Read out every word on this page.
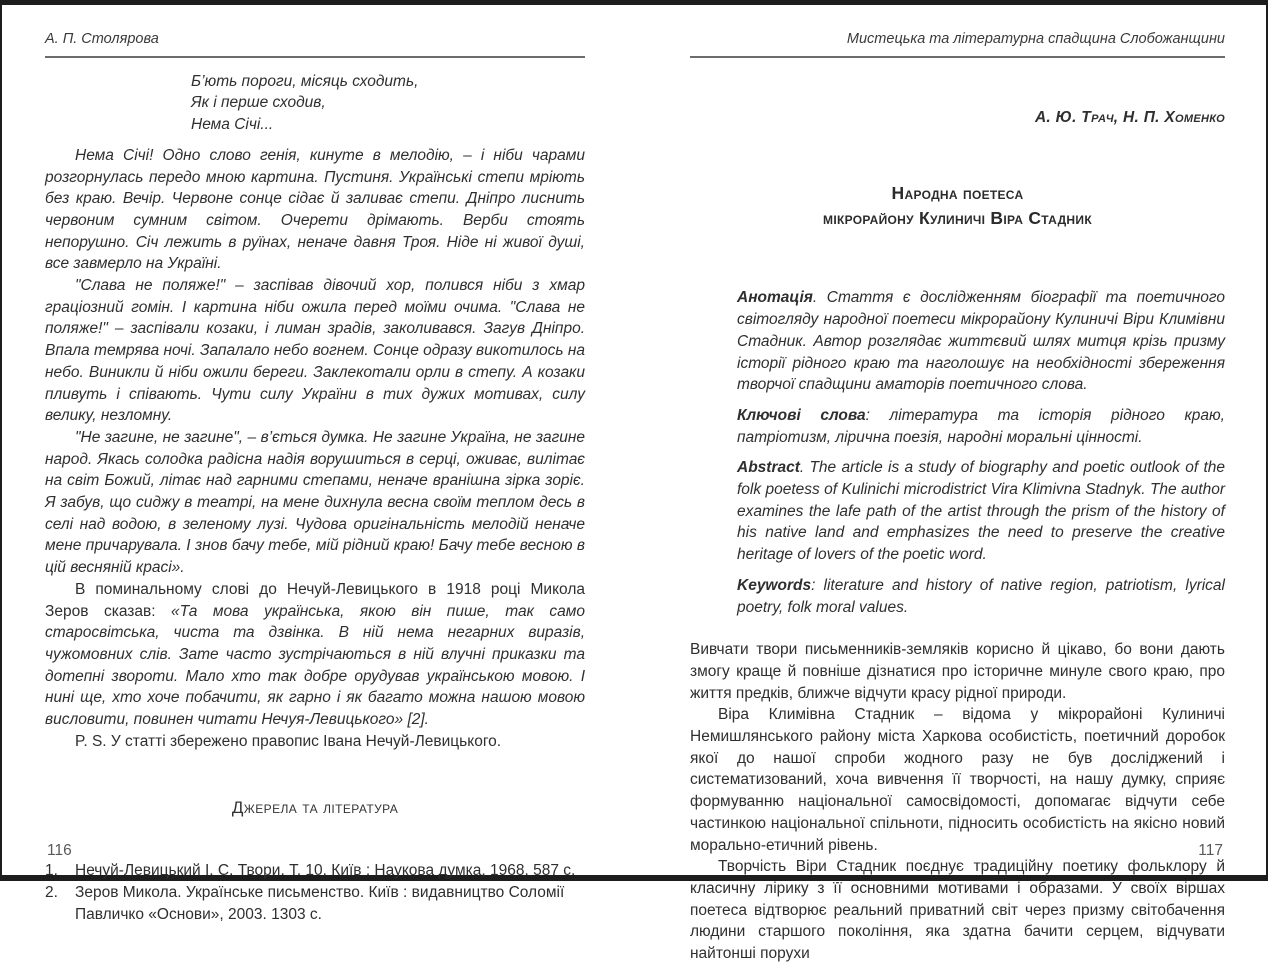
А. П. Столярова
Б’ють пороги, місяць сходить,
Як і перше сходив,
Нема Січі...

Нема Січі! Одно слово генія, кинуте в мелодію, – і ніби чарами розгорнулась передо мною картина. Пустиня. Українські степи мріють без краю. Вечір. Червоне сонце сідає й заливає степи. Дніпро лиснить червоним сумним світом. Очерети дрімають. Верби стоять непорушно. Січ лежить в руїнах, неначе давня Троя. Ніде ні живої душі, все завмерло на Україні.

"Слава не поляже!" – заспівав дівочий хор, полився ніби з хмар граціозний гомін. І картина ніби ожила перед моїми очима. "Слава не поляже!" – заспівали козаки, і лиман зрадів, заколивався. Загув Дніпро. Впала темрява ночі. Запалало небо вогнем. Сонце одразу викотилось на небо. Виникли й ніби ожили береги. Заклекотали орли в степу. А козаки пливуть і співають. Чути силу України в тих дужих мотивах, силу велику, незломну.

"Не загине, не загине", – в’ється думка. Не загине Україна, не загине народ. Якась солодка радісна надія ворушиться в серці, оживає, вилітає на світ Божий, літає над гарними степами, неначе вранішна зірка зоріє. Я забув, що сиджу в театрі, на мене дихнула весна своїм теплом десь в селі над водою, в зеленому лузі. Чудова оригінальність мелодій неначе мене причарувала. І знов бачу тебе, мій рідний краю! Бачу тебе весною в цій весняній красі».

В поминальному слові до Нечуй-Левицького в 1918 році Микола Зеров сказав: «Та мова українська, якою він пише, так само старосвітська, чиста та дзвінка. В ній нема негарних виразів, чужомовних слів. Зате часто зустрічаються в ній влучні приказки та дотепні звороти. Мало хто так добре орудував українською мовою. І нині ще, хто хоче побачити, як гарно і як багато можна нашою мовою висловити, повинен читати Нечуя-Левицького» [2].

P. S. У статті збережено правопис Івана Нечуй-Левицького.

Джерела та література
1.	Нечуй-Левицький І. С. Твори. Т. 10. Київ : Наукова думка, 1968. 587 с.
2.	Зеров Микола. Українське письменство. Київ : видавництво Соломії Павличко «Основи», 2003. 1303 с.
Мистецька та літературна спадщина Слобожанщини
А. Ю. Трач, Н. П. Хоменко
Народна поетеса
мікрорайону Кулиничі Віра Стадник

Анотація. Стаття є дослідженням біографії та поетичного світогляду народної поетеси мікрорайону Кулиничі Віри Климівни Стадник. Автор розглядає життєвий шлях митця крізь призму історії рідного краю та наголошує на необхідності збереження творчої спадщини аматорів поетичного слова.

Ключові слова: література та історія рідного краю, патріотизм, лірична поезія, народні моральні цінності.

Abstract. The article is a study of biography and poetic outlook of the folk poetess of Kulinichi microdistrict Vira Klimivna Stadnyk. The author examines the lafe path of the artist through the prism of the history of his native land and emphasizes the need to preserve the creative heritage of lovers of the poetic word.

Keywords: literature and history of native region, patriotism, lyrical poetry, folk moral values.

Вивчати твори письменників-земляків корисно й цікаво, бо вони дають змогу краще й повніше дізнатися про історичне минуле свого краю, про життя предків, ближче відчути красу рідної природи.

Віра Климівна Стадник – відома у мікрорайоні Кулиничі Немишлянського району міста Харкова особистість, поетичний доробок якої до нашої спроби жодного разу не був досліджений і систематизований, хоча вивчення її творчості, на нашу думку, сприяє формуванню національної самосвідомості, допомагає відчути себе частинкою національної спільноти, підносить особистість на якісно новий морально-етичний рівень.

Творчість Віри Стадник поєднує традиційну поетику фольклору й класичну лірику з її основними мотивами і образами. У своїх віршах поетеса відтворює реальний приватний світ через призму світобачення людини старшого покоління, яка здатна бачити серцем, відчувати найтонші порухи

116	117
